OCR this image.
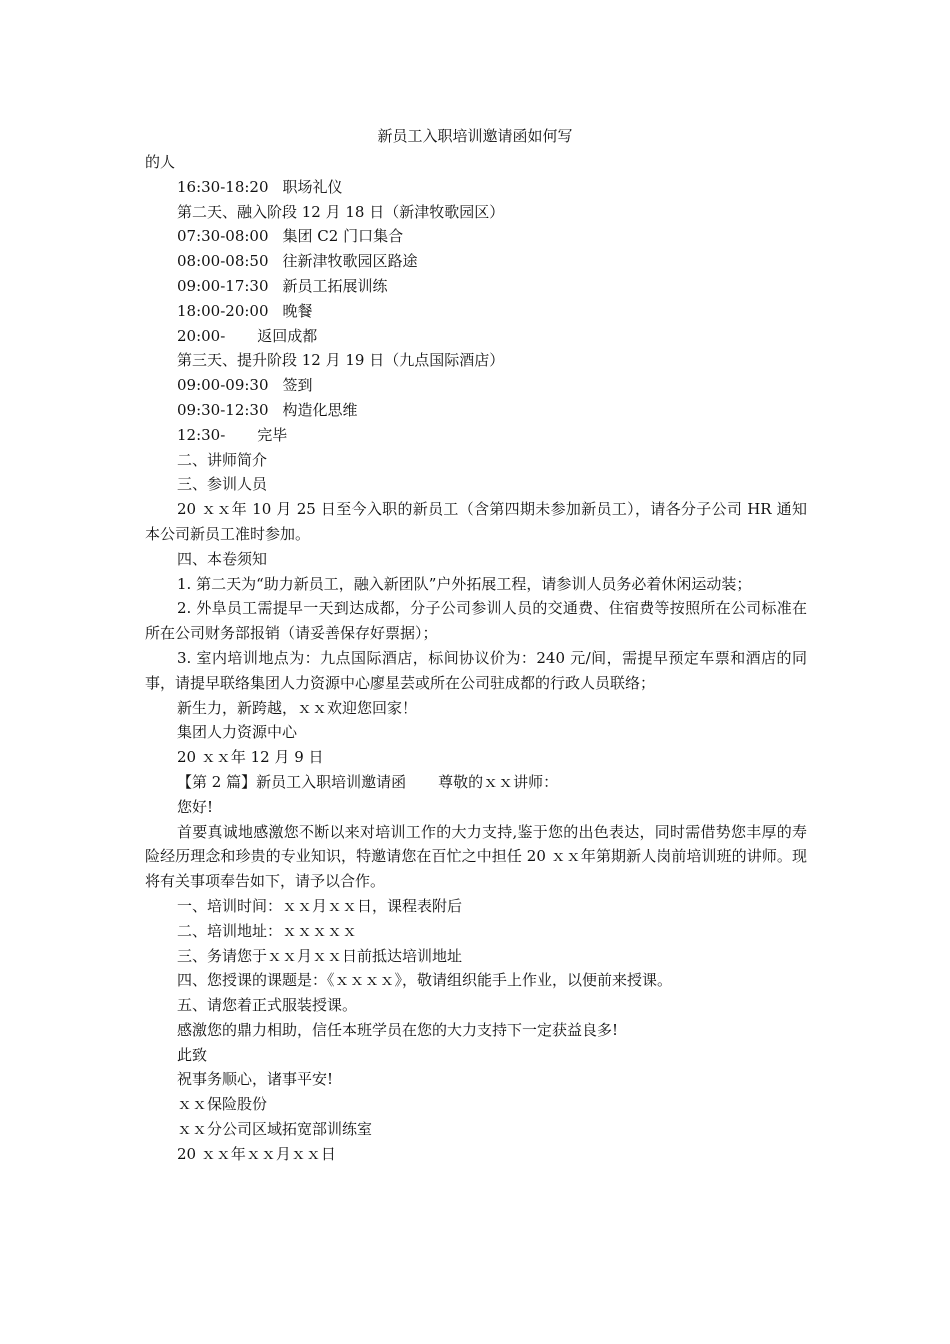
新员工入职培训邀请函如何写
的人
16:30-18:20 职场礼仪
第二天、融入阶段 12 月 18 日（新津牧歌园区）
07:30-08:00 集团 C2 门口集合
08:00-08:50 往新津牧歌园区路途
09:00-17:30 新员工拓展训练
18:00-20:00 晚餐
20:00- 返回成都
第三天、提升阶段 12 月 19 日（九点国际酒店）
09:00-09:30 签到
09:30-12:30 构造化思维
12:30- 完毕
二、讲师简介
三、参训人员

20 ｘｘ年 10 月 25 日至今入职的新员工（含第四期未参加新员工），请各分子公司 HR 通知本公司新员工准时参加。

四、本卷须知

1. 第二天为“助力新员工，融入新团队”户外拓展工程，请参训人员务必着休闲运动装；

2. 外阜员工需提早一天到达成都，分子公司参训人员的交通费、住宿费等按照所在公司标准在所在公司财务部报销（请妥善保存好票据）；

3. 室内培训地点为：九点国际酒店，标间协议价为：240 元/间，需提早预定车票和酒店的同事，请提早联络集团人力资源中心廖星芸或所在公司驻成都的行政人员联络；

新生力，新跨越，ｘｘ欢迎您回家！
集团人力资源中心
20 ｘｘ年 12 月 9 日
【第 2 篇】新员工入职培训邀请函 尊敬的ｘｘ讲师：
您好!

首要真诚地感激您不断以来对培训工作的大力支持,鉴于您的出色表达，同时需借势您丰厚的寿险经历理念和珍贵的专业知识，特邀请您在百忙之中担任 20 ｘｘ年第期新人岗前培训班的讲师。现将有关事项奉告如下，请予以合作。

一、培训时间：ｘｘ月ｘｘ日，课程表附后
二、培训地址：ｘｘｘｘｘ
三、务请您于ｘｘ月ｘｘ日前抵达培训地址
四、您授课的课题是：《ｘｘｘｘ》，敬请组织能手上作业，以便前来授课。
五、请您着正式服装授课。
感激您的鼎力相助，信任本班学员在您的大力支持下一定获益良多!
此致
祝事务顺心，诸事平安!
ｘｘ保险股份
ｘｘ分公司区域拓宽部训练室
20 ｘｘ年ｘｘ月ｘｘ日
